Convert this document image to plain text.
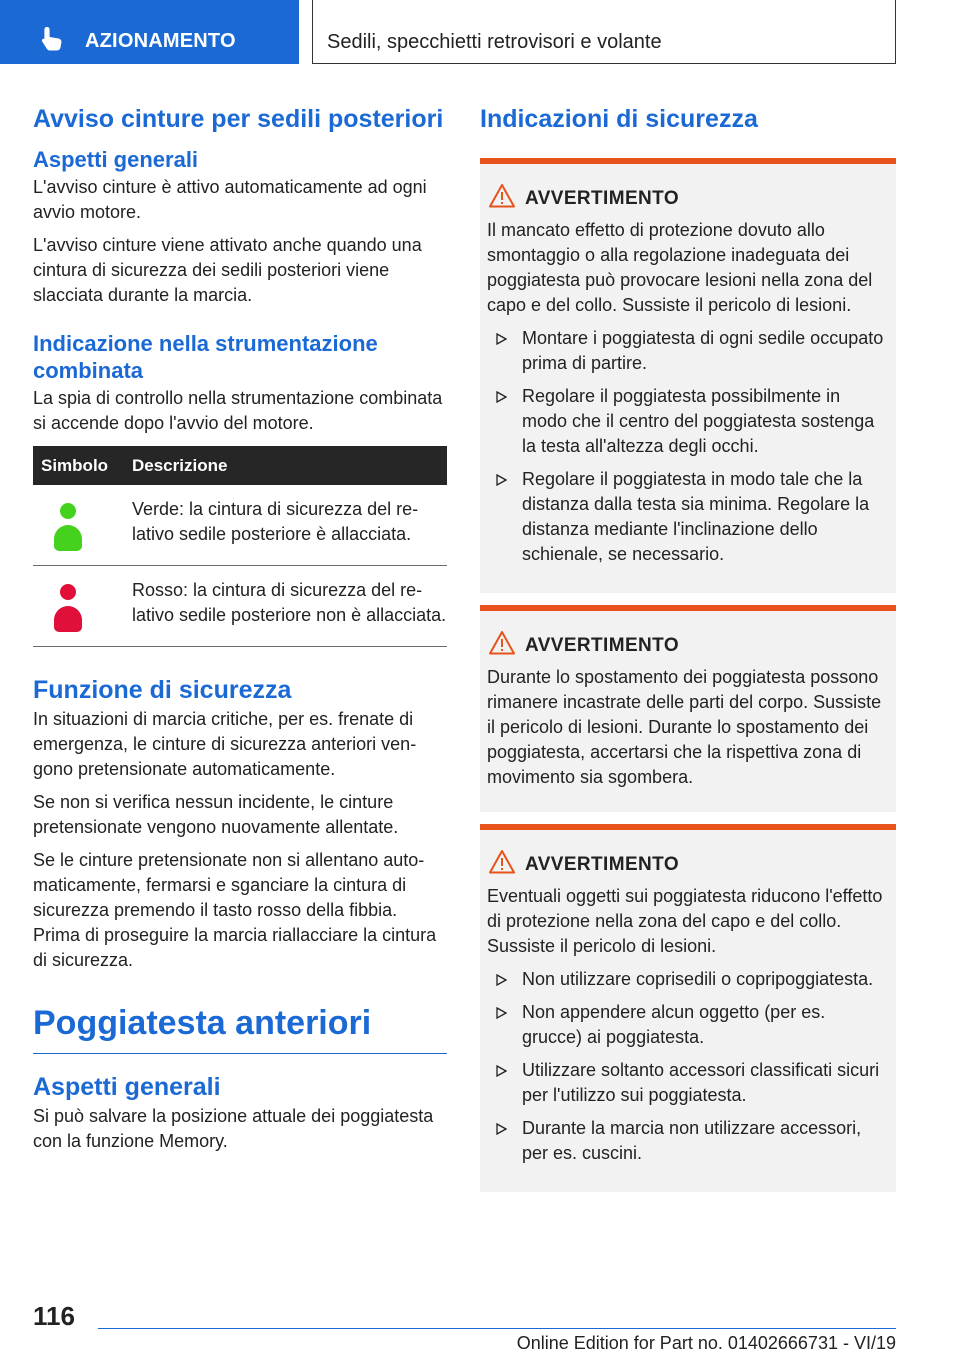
AZIONAMENTO	Sedili, specchietti retrovisori e volante
Avviso cinture per sedili posteriori
Aspetti generali

L'avviso cinture è attivo automaticamente ad ogni avvio motore.

L'avviso cinture viene attivato anche quando una cintura di sicurezza dei sedili posteriori viene slacciata durante la marcia.

Indicazione nella strumentazione combinata

La spia di controllo nella strumentazione combinata si accende dopo l'avvio del motore.

Simbolo	Descrizione

	Verde: la cintura di sicurezza del relativo sedile posteriore è allacciata.

	Rosso: la cintura di sicurezza del relativo sedile posteriore non è allacciata.
Funzione di sicurezza

In situazioni di marcia critiche, per es. frenate di emergenza, le cinture di sicurezza anteriori vengono pretensionate automaticamente.

Se non si verifica nessun incidente, le cinture pretensionate vengono nuovamente allentate.

Se le cinture pretensionate non si allentano automaticamente, fermarsi e sganciare la cintura di sicurezza premendo il tasto rosso della fibbia. Prima di proseguire la marcia riallacciare la cintura di sicurezza.

Poggiatesta anteriori
Aspetti generali

Si può salvare la posizione attuale dei poggiatesta con la funzione Memory.

Indicazioni di sicurezza
AVVERTIMENTO

Il mancato effetto di protezione dovuto allo smontaggio o alla regolazione inadeguata dei poggiatesta può provocare lesioni nella zona del capo e del collo. Sussiste il pericolo di lesioni.

Montare i poggiatesta di ogni sedile occupato prima di partire.
Regolare il poggiatesta possibilmente in modo che il centro del poggiatesta sostenga la testa all'altezza degli occhi.
Regolare il poggiatesta in modo tale che la distanza dalla testa sia minima. Regolare la distanza mediante l'inclinazione dello schienale, se necessario.
AVVERTIMENTO

Durante lo spostamento dei poggiatesta possono rimanere incastrate delle parti del corpo. Sussiste il pericolo di lesioni. Durante lo spostamento dei poggiatesta, accertarsi che la rispettiva zona di movimento sia sgombera.

AVVERTIMENTO

Eventuali oggetti sui poggiatesta riducono l'effetto di protezione nella zona del capo e del collo. Sussiste il pericolo di lesioni.

Non utilizzare coprisedili o copripoggiatesta.
Non appendere alcun oggetto (per es. grucce) ai poggiatesta.
Utilizzare soltanto accessori classificati sicuri per l'utilizzo sui poggiatesta.
Durante la marcia non utilizzare accessori, per es. cuscini.
116
Online Edition for Part no. 01402666731 - VI/19
